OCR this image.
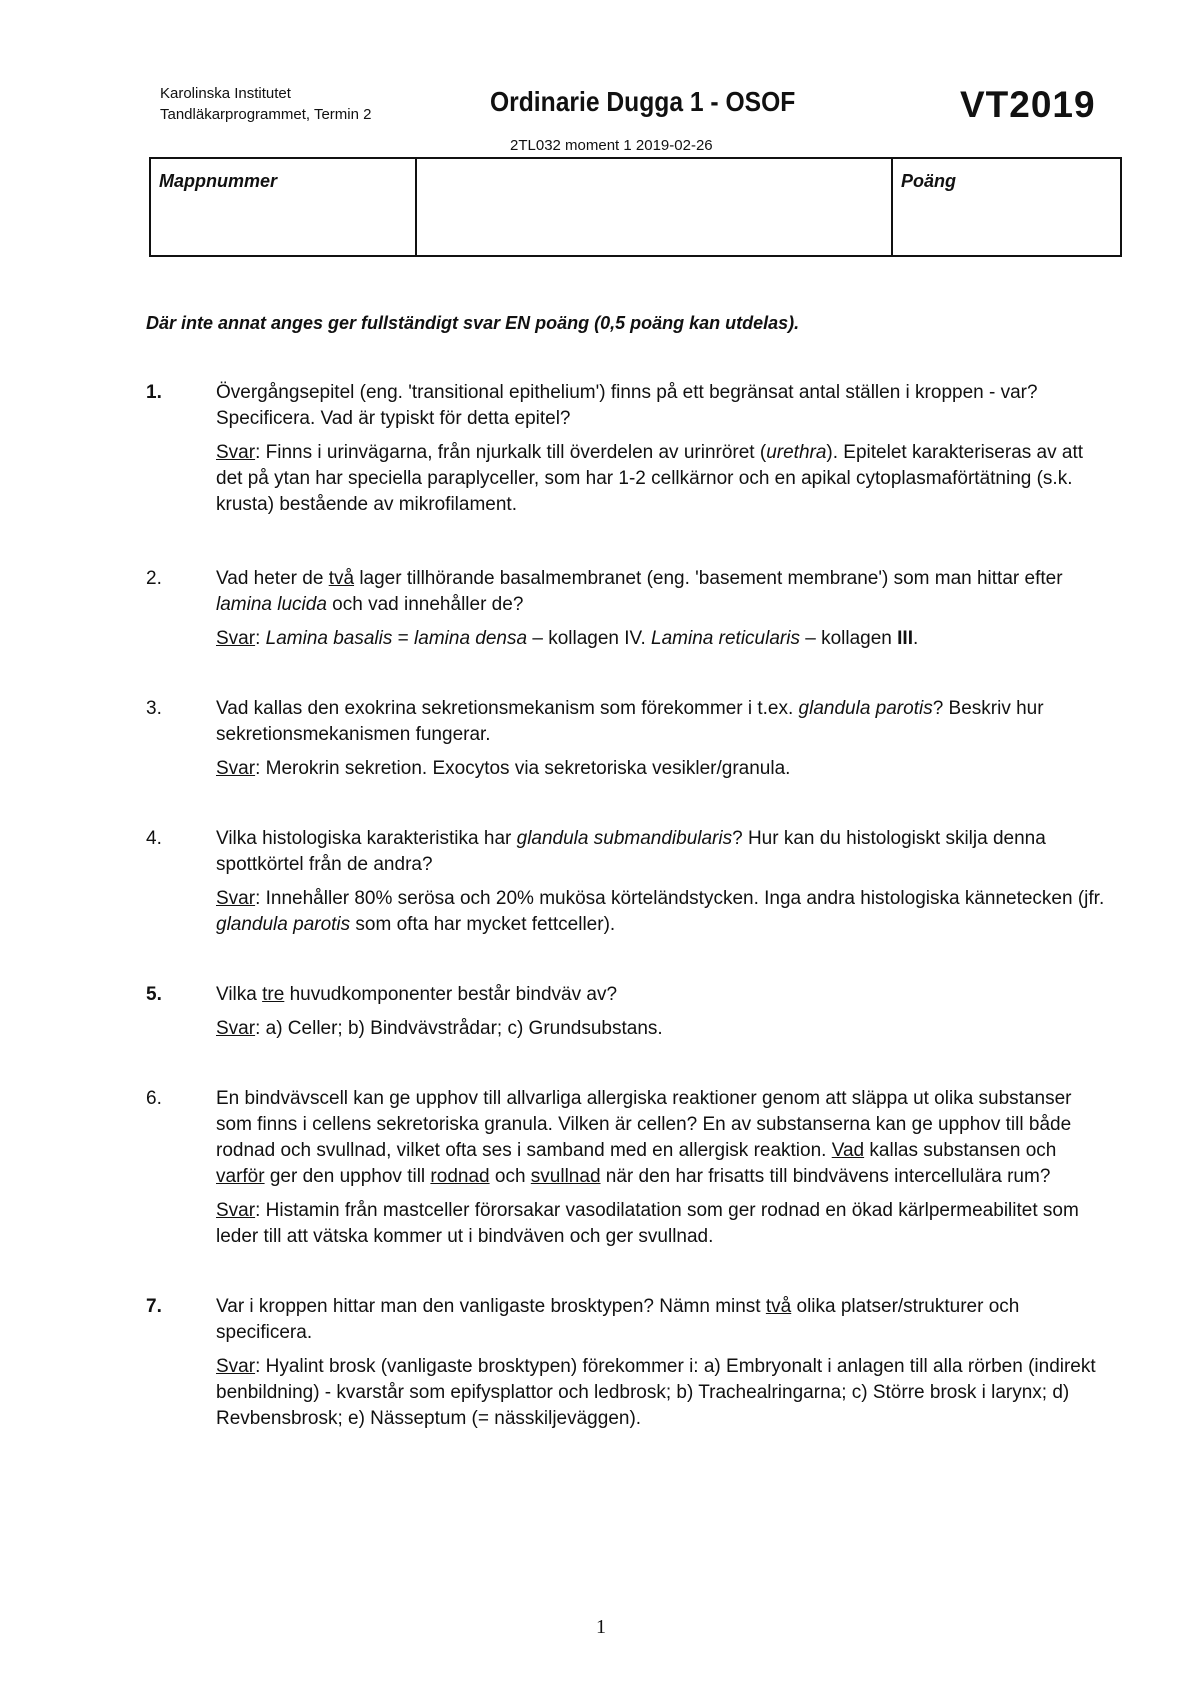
Karolinska Institutet
Tandläkarprogrammet, Termin 2	Ordinarie Dugga 1 - OSOF	VT2019
2TL032 moment 1 2019-02-26
Mappnummer	Poäng
Där inte annat anges ger fullständigt svar EN poäng (0,5 poäng kan utdelas).
1.	Övergångsepitel (eng. 'transitional epithelium') finns på ett begränsat antal ställen i kroppen - var? Specificera. Vad är typiskt för detta epitel?

Svar: Finns i urinvägarna, från njurkalk till överdelen av urinröret (urethra). Epitelet karakteriseras av att det på ytan har speciella paraplyceller, som har 1-2 cellkärnor och en apikal cytoplasmaförtätning (s.k. krusta) bestående av mikrofilament.

2.	Vad heter de två lager tillhörande basalmembranet (eng. 'basement membrane') som man hittar efter lamina lucida och vad innehåller de?

Svar: Lamina basalis = lamina densa – kollagen IV. Lamina reticularis – kollagen III.

3.	Vad kallas den exokrina sekretionsmekanism som förekommer i t.ex. glandula parotis? Beskriv hur sekretionsmekanismen fungerar.

Svar: Merokrin sekretion. Exocytos via sekretoriska vesikler/granula.

4.	Vilka histologiska karakteristika har glandula submandibularis? Hur kan du histologiskt skilja denna spottkörtel från de andra?

Svar: Innehåller 80% serösa och 20% mukösa körteländstycken. Inga andra histologiska kännetecken (jfr. glandula parotis som ofta har mycket fettceller).

5.	Vilka tre huvudkomponenter består bindväv av?

Svar: a) Celler; b) Bindvävstrådar; c) Grundsubstans.

6.	En bindvävscell kan ge upphov till allvarliga allergiska reaktioner genom att släppa ut olika substanser som finns i cellens sekretoriska granula. Vilken är cellen? En av substanserna kan ge upphov till både rodnad och svullnad, vilket ofta ses i samband med en allergisk reaktion. Vad kallas substansen och varför ger den upphov till rodnad och svullnad när den har frisatts till bindvävens intercellulära rum?

Svar: Histamin från mastceller förorsakar vasodilatation som ger rodnad en ökad kärlpermeabilitet som leder till att vätska kommer ut i bindväven och ger svullnad.

7.	Var i kroppen hittar man den vanligaste brosktypen? Nämn minst två olika platser/strukturer och specificera.

Svar: Hyalint brosk (vanligaste brosktypen) förekommer i: a) Embryonalt i anlagen till alla rörben (indirekt benbildning) - kvarstår som epifysplattor och ledbrosk; b) Trachealringarna; c) Större brosk i larynx; d) Revbensbrosk; e) Nässeptum (= nässkiljeväggen).

1
